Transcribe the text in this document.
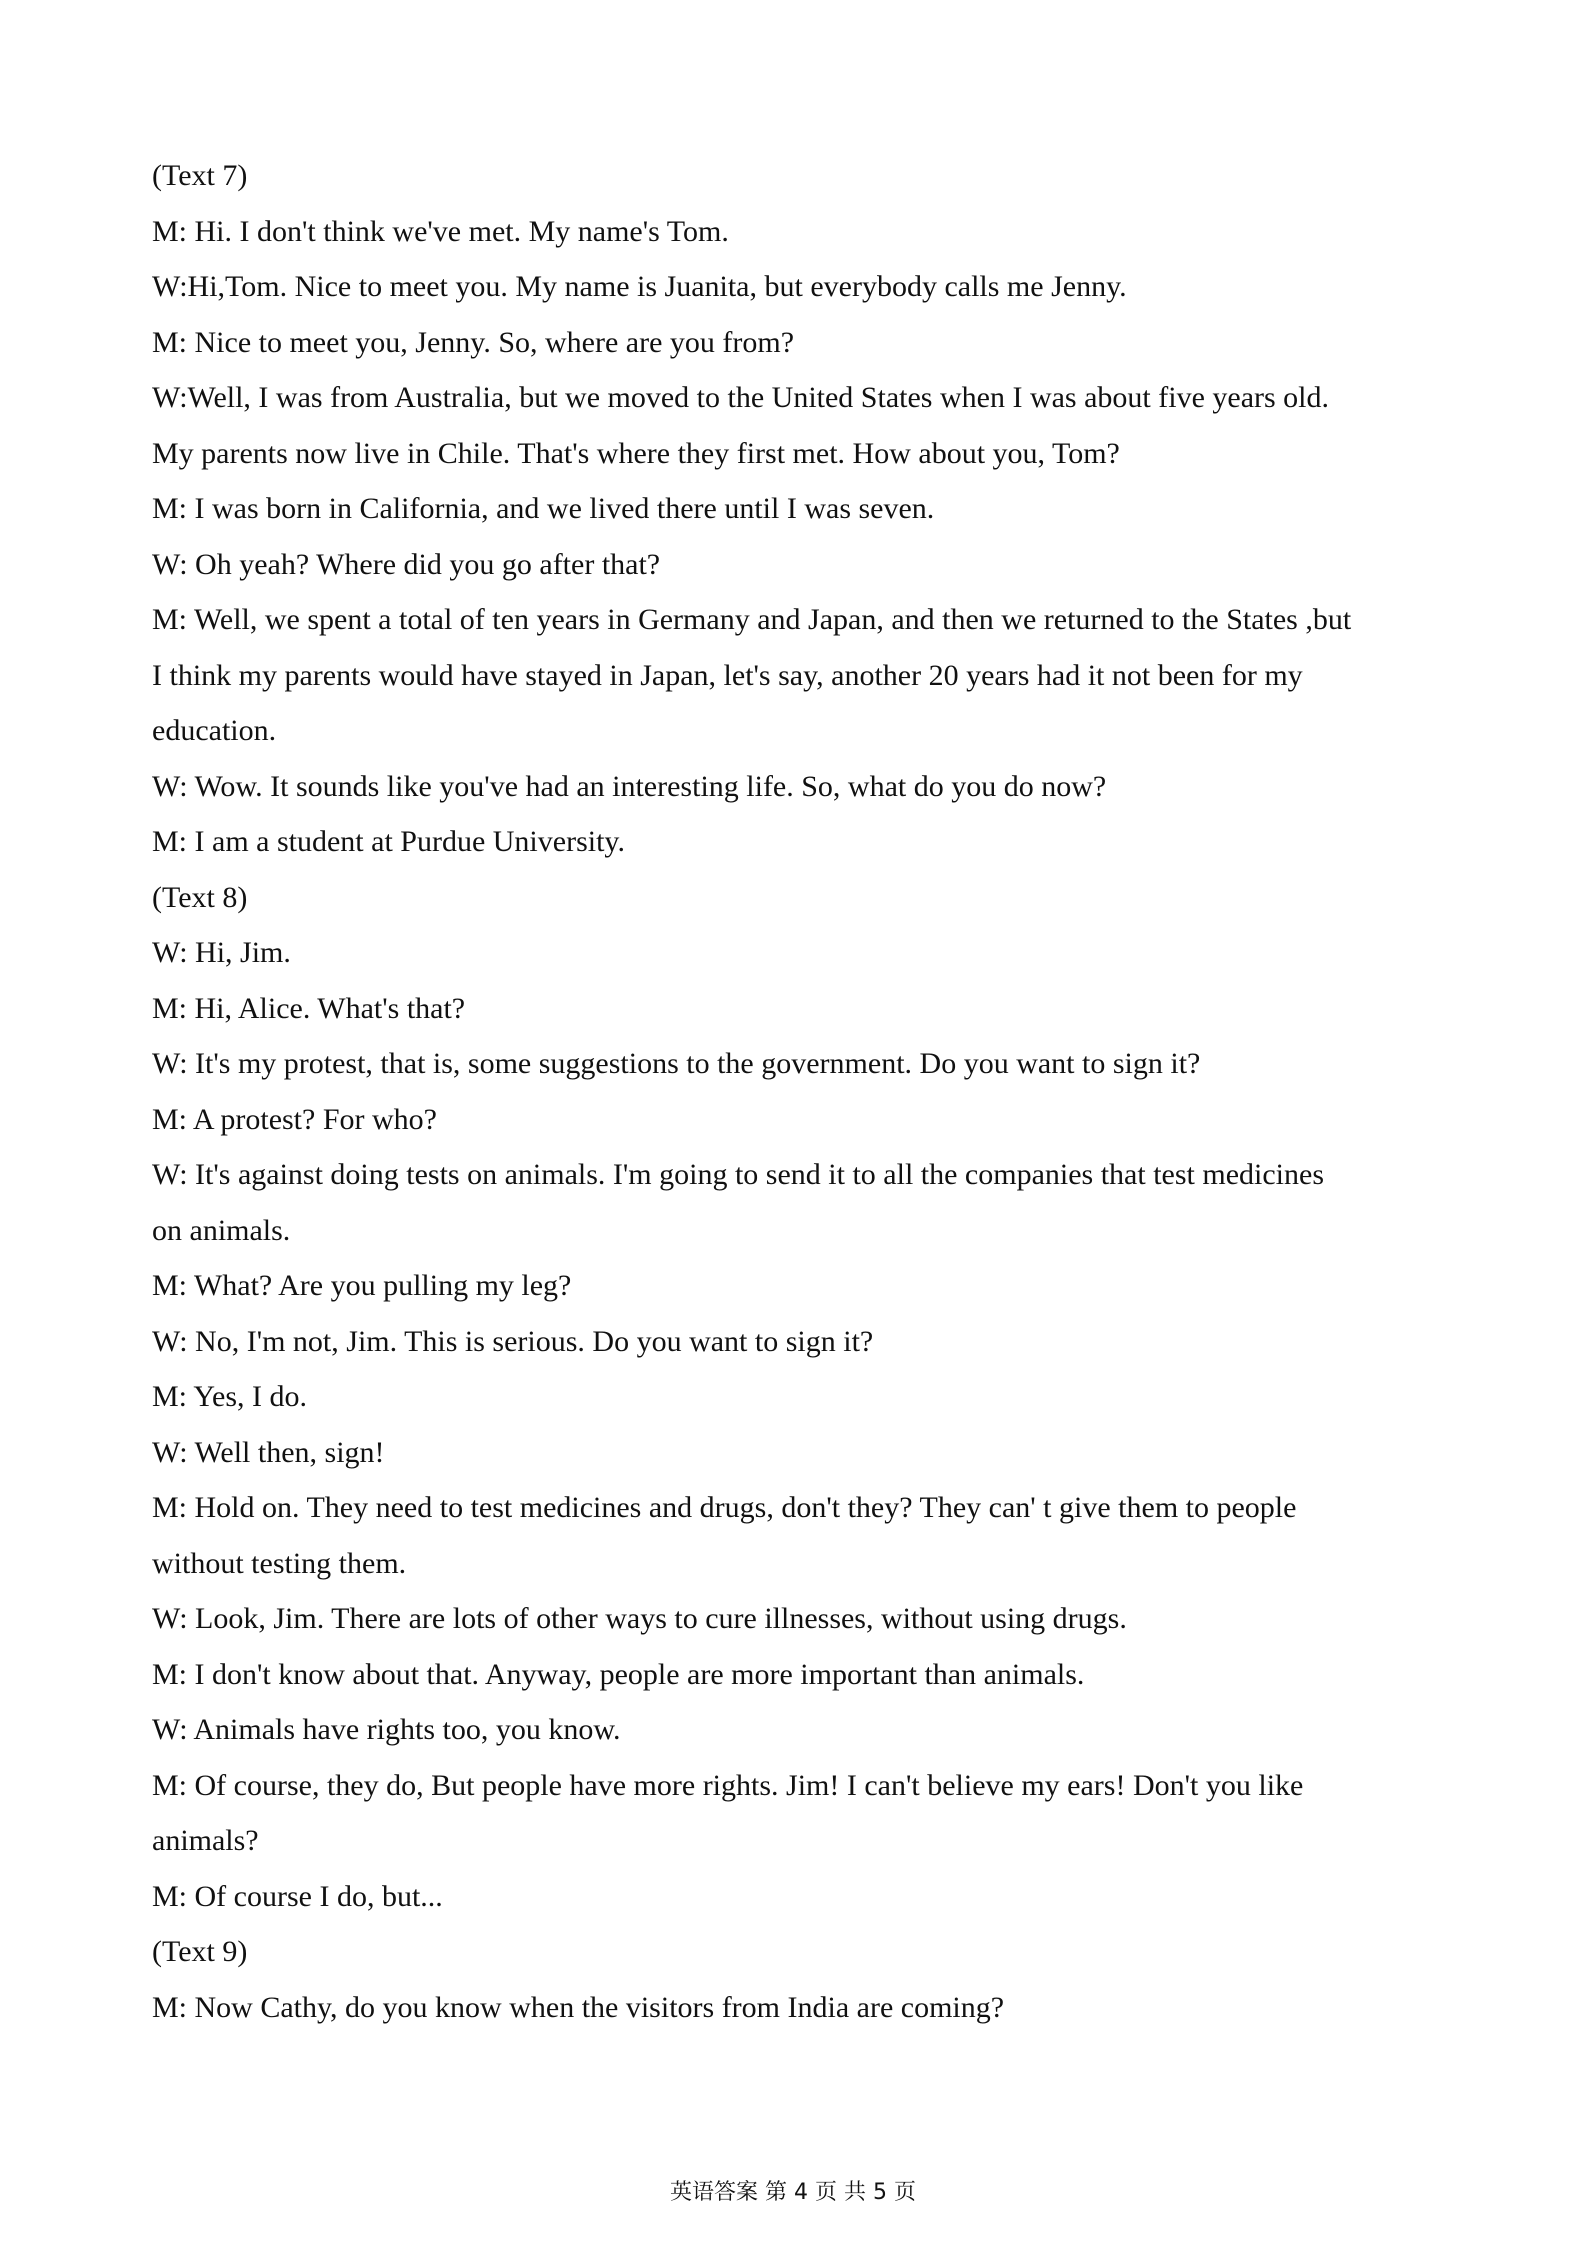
(Text 7)

M: Hi. I don't think we've met. My name's Tom.

W:Hi,Tom. Nice to meet you. My name is Juanita, but everybody calls me Jenny.

M: Nice to meet you, Jenny. So, where are you from?

W:Well, I was from Australia, but we moved to the United States when I was about five years old.

My parents now live in Chile. That's where they first met. How about you, Tom?

M: I was born in California, and we lived there until I was seven.

W: Oh yeah? Where did you go after that?

M: Well, we spent a total of ten years in Germany and Japan, and then we returned to the States ,but

I think my parents would have stayed in Japan, let's say, another 20 years had it not been for my

education.

W: Wow. It sounds like you've had an interesting life. So, what do you do now?

M: I am a student at Purdue University.

(Text 8)

W: Hi, Jim.

M: Hi, Alice. What's that?

W: It's my protest, that is, some suggestions to the government. Do you want to sign it?

M: A protest? For who?

W: It's against doing tests on animals. I'm going to send it to all the companies that test medicines

on animals.

M: What? Are you pulling my leg?

W: No, I'm not, Jim. This is serious. Do you want to sign it?

M: Yes, I do.

W: Well then, sign!

M: Hold on. They need to test medicines and drugs, don't they? They can' t give them to people

without testing them.

W: Look, Jim. There are lots of other ways to cure illnesses, without using drugs.

M: I don't know about that. Anyway, people are more important than animals.

W: Animals have rights too, you know.

M: Of course, they do, But people have more rights. Jim! I can't believe my ears! Don't you like

animals?

M: Of course I do, but...

(Text 9)

M: Now Cathy, do you know when the visitors from India are coming?

英语答案 第 4 页 共 5 页
